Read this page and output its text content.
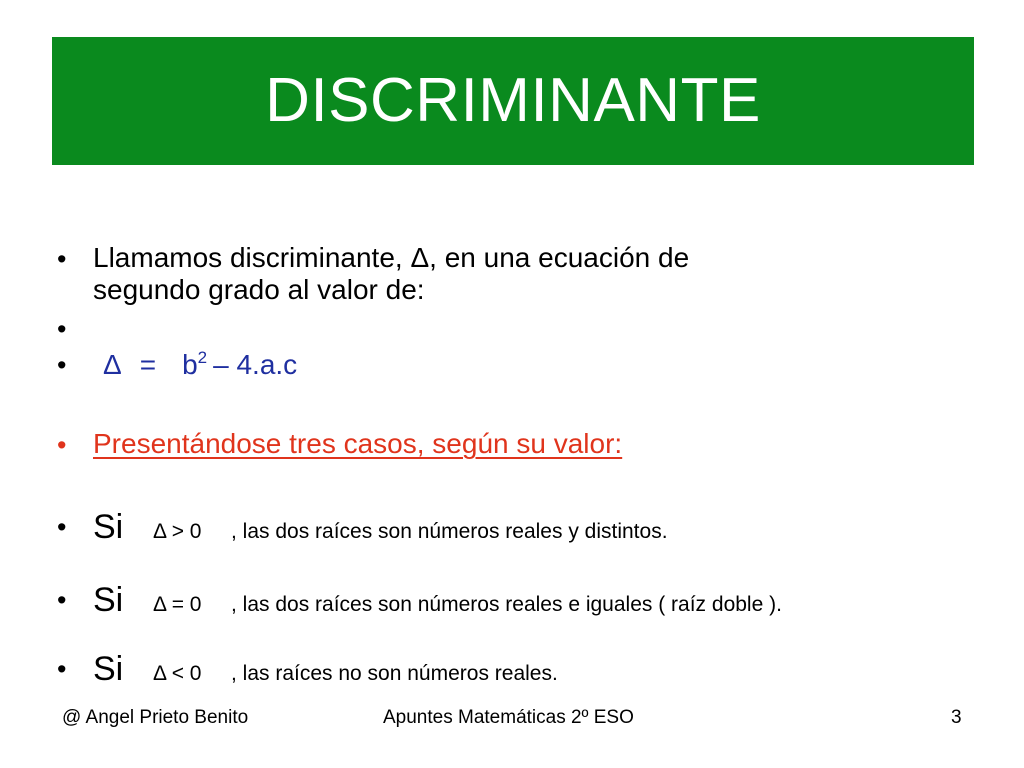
DISCRIMINANTE
• Llamamos discriminante, Δ, en una ecuación de
segundo grado al valor de:
•
•	$\Delta = b^2 - 4.a.c$
• Presentándose tres casos, según su valor:
• Si Δ > 0 , las dos raíces son números reales y distintos.
• Si Δ = 0 , las dos raíces son números reales e iguales ( raíz doble ).
• Si Δ < 0 , las raíces no son números reales.
@ Angel Prieto Benito	Apuntes Matemáticas 2º ESO	3
